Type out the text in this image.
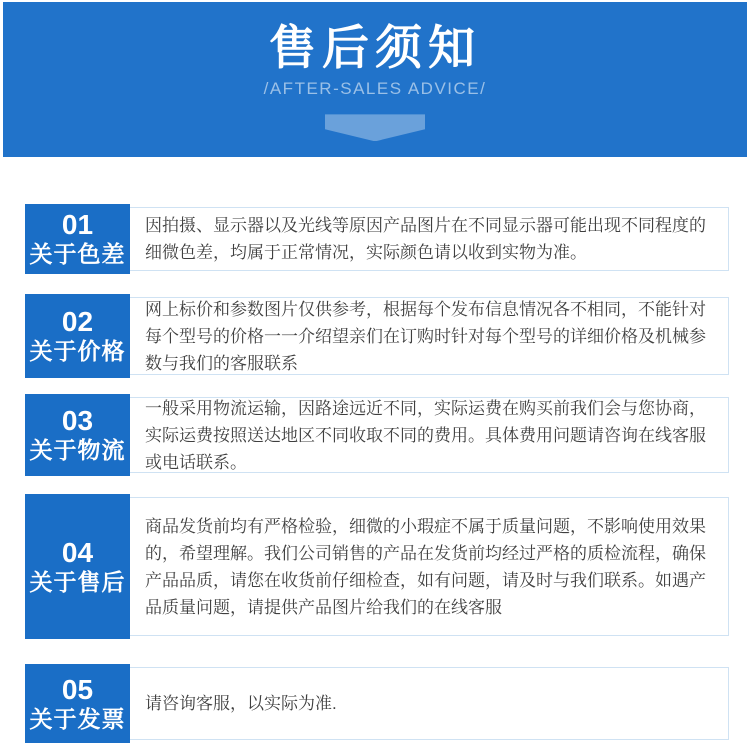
售后须知
/AFTER-SALES ADVICE/
01
关于色差

因拍摄、显示器以及光线等原因产品图片在不同显示器可能出现不同程度的细微色差，均属于正常情况，实际颜色请以收到实物为准。

02
关于价格

网上标价和参数图片仅供参考，根据每个发布信息情况各不相同，不能针对每个型号的价格一一介绍望亲们在订购时针对每个型号的详细价格及机械参数与我们的客服联系

03
关于物流

一般采用物流运输，因路途远近不同，实际运费在购买前我们会与您协商，实际运费按照送达地区不同收取不同的费用。具体费用问题请咨询在线客服或电话联系。

04
关于售后

商品发货前均有严格检验，细微的小瑕症不属于质量问题，不影响使用效果的，希望理解。我们公司销售的产品在发货前均经过严格的质检流程，确保产品品质，请您在收货前仔细检查，如有问题，请及时与我们联系。如遇产品质量问题，请提供产品图片给我们的在线客服

05
关于发票

请咨询客服，以实际为准.
